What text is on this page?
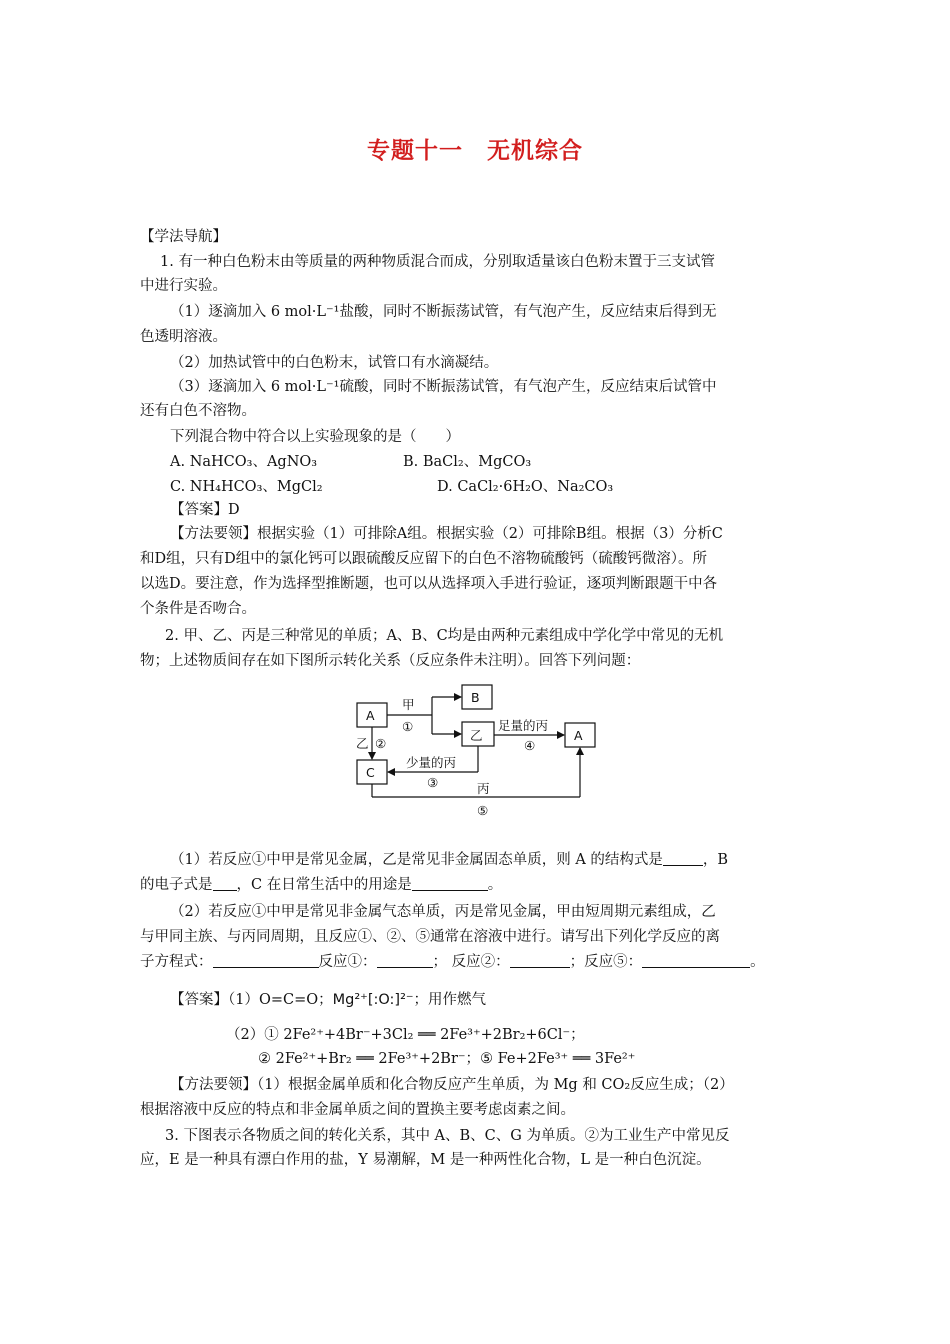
专题十一 无机综合
【学法导航】
1. 有一种白色粉末由等质量的两种物质混合而成，分别取适量该白色粉末置于三支试管
中进行实验。
（1）逐滴加入 6 mol·L⁻¹盐酸，同时不断振荡试管，有气泡产生，反应结束后得到无
色透明溶液。
（2）加热试管中的白色粉末，试管口有水滴凝结。
（3）逐滴加入 6 mol·L⁻¹硫酸，同时不断振荡试管，有气泡产生，反应结束后试管中
还有白色不溶物。
下列混合物中符合以上实验现象的是（　　）
A. NaHCO₃、AgNO₃	B. BaCl₂、MgCO₃
C. NH₄HCO₃、MgCl₂	D. CaCl₂·6H₂O、Na₂CO₃
【答案】D
【方法要领】根据实验（1）可排除A组。根据实验（2）可排除B组。根据（3）分析C
和D组，只有D组中的氯化钙可以跟硫酸反应留下的白色不溶物硫酸钙（硫酸钙微溶）。所
以选D。要注意，作为选择型推断题，也可以从选择项入手进行验证，逐项判断跟题干中各
个条件是否吻合。
2. 甲、乙、丙是三种常见的单质；A、B、C均是由两种元素组成中学化学中常见的无机
物；上述物质间存在如下图所示转化关系（反应条件未注明）。回答下列问题：
A
B
乙
C
A
甲
①
乙 ②
足量的丙
④
少量的丙
③	丙
⑤
（1）若反应①中甲是常见金属，乙是常见非金属固态单质，则 A 的结构式是	，B
的电子式是 ，C 在日常生活中的用途是	。
（2）若反应①中甲是常见非金属气态单质，丙是常见金属，甲由短周期元素组成，乙
与甲同主族、与丙同周期，且反应①、②、⑤通常在溶液中进行。请写出下列化学反应的离
子方程式：	反应①：	； 反应②：	；反应⑤：	。
【答案】（1）O=C=O；Mg²⁺[:O:]²⁻；用作燃气
（2）① 2Fe²⁺+4Br⁻+3Cl₂ ══ 2Fe³⁺+2Br₂+6Cl⁻；
② 2Fe²⁺+Br₂ ══ 2Fe³⁺+2Br⁻；⑤ Fe+2Fe³⁺ ══ 3Fe²⁺
【方法要领】（1）根据金属单质和化合物反应产生单质，为 Mg 和 CO₂反应生成；（2）
根据溶液中反应的特点和非金属单质之间的置换主要考虑卤素之间。
3. 下图表示各物质之间的转化关系，其中 A、B、C、G 为单质。②为工业生产中常见反
应，E 是一种具有漂白作用的盐，Y 易潮解，M 是一种两性化合物，L 是一种白色沉淀。
